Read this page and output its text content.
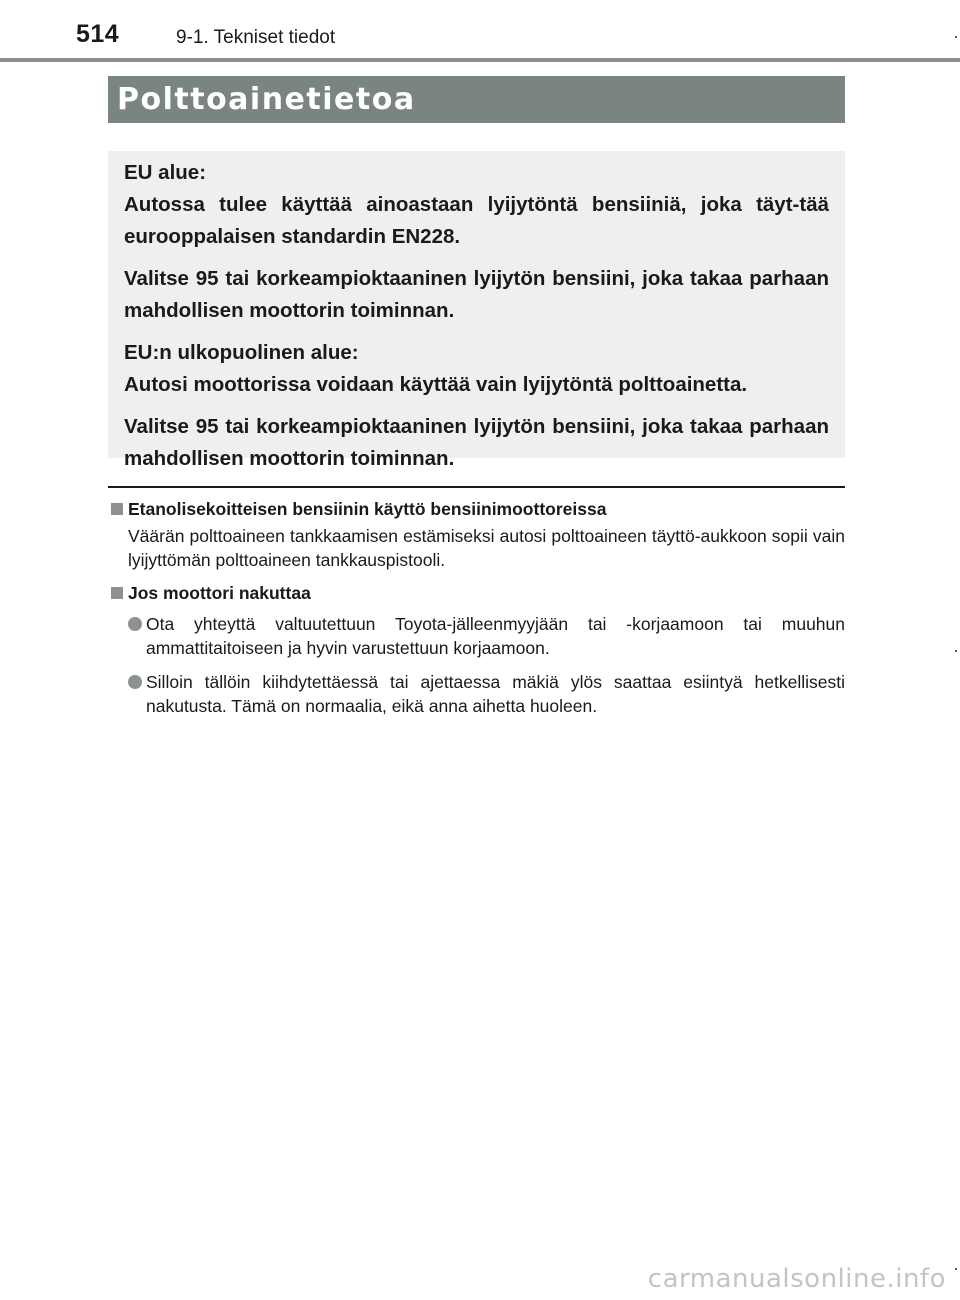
514	9-1. Tekniset tiedot
Polttoainetietoa

EU alue:

Autossa tulee käyttää ainoastaan lyijytöntä bensiiniä, joka täyt-tää eurooppalaisen standardin EN228.

Valitse 95 tai korkeampioktaaninen lyijytön bensiini, joka takaa parhaan mahdollisen moottorin toiminnan.

EU:n ulkopuolinen alue:

Autosi moottorissa voidaan käyttää vain lyijytöntä polttoainetta.

Valitse 95 tai korkeampioktaaninen lyijytön bensiini, joka takaa parhaan mahdollisen moottorin toiminnan.

Etanolisekoitteisen bensiinin käyttö bensiinimoottoreissa

Väärän polttoaineen tankkaamisen estämiseksi autosi polttoaineen täyttö-aukkoon sopii vain lyijyttömän polttoaineen tankkauspistooli.

Jos moottori nakuttaa
Ota yhteyttä valtuutettuun Toyota-jälleenmyyjään tai -korjaamoon tai muuhun ammattitaitoiseen ja hyvin varustettuun korjaamoon.
Silloin tällöin kiihdytettäessä tai ajettaessa mäkiä ylös saattaa esiintyä hetkellisesti nakutusta. Tämä on normaalia, eikä anna aihetta huoleen.
carmanualsonline.info
